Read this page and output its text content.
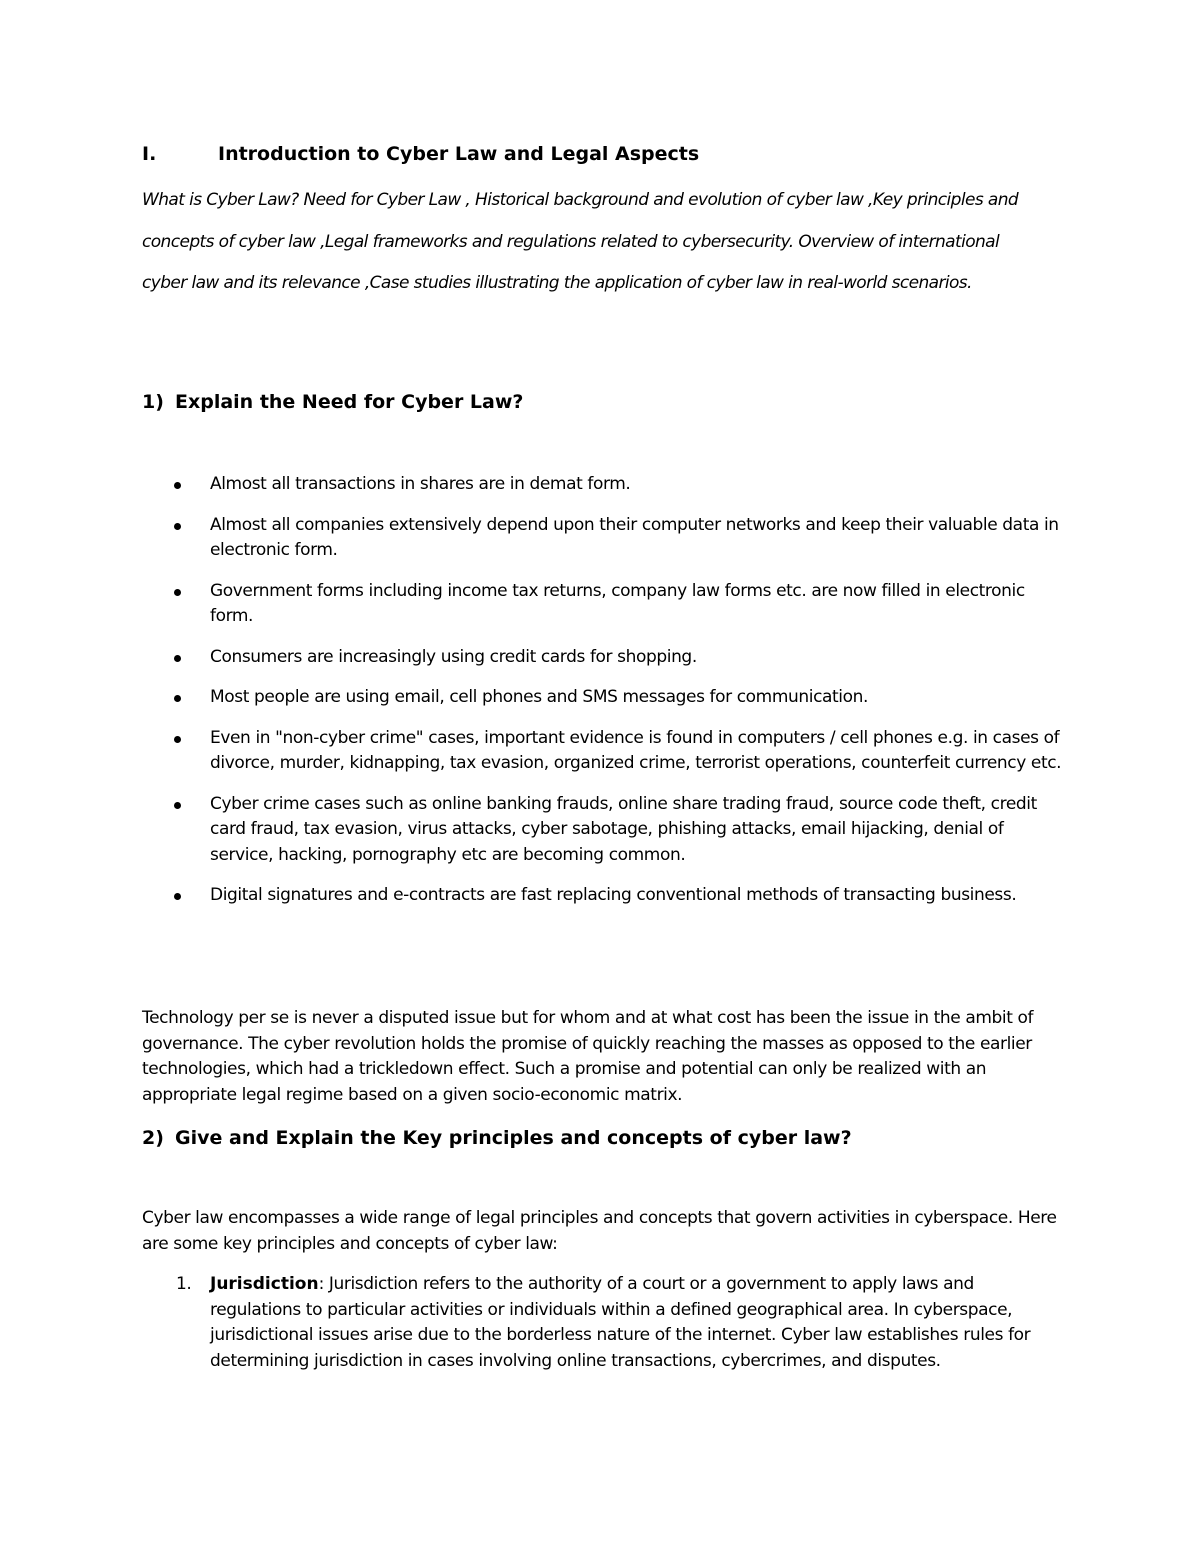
I.	Introduction to Cyber Law and Legal Aspects

What is Cyber Law? Need for Cyber Law , Historical background and evolution of cyber law ,Key principles and concepts of cyber law ,Legal frameworks and regulations related to cybersecurity. Overview of international cyber law and its relevance ,Case studies illustrating the application of cyber law in real-world scenarios.

1) Explain the Need for Cyber Law?
Almost all transactions in shares are in demat form.
Almost all companies extensively depend upon their computer networks and keep their valuable data in electronic form.
Government forms including income tax returns, company law forms etc. are now filled in electronic form.
Consumers are increasingly using credit cards for shopping.
Most people are using email, cell phones and SMS messages for communication.
Even in "non-cyber crime" cases, important evidence is found in computers / cell phones e.g. in cases of divorce, murder, kidnapping, tax evasion, organized crime, terrorist operations, counterfeit currency etc.
Cyber crime cases such as online banking frauds, online share trading fraud, source code theft, credit card fraud, tax evasion, virus attacks, cyber sabotage, phishing attacks, email hijacking, denial of service, hacking, pornography etc are becoming common.
Digital signatures and e-contracts are fast replacing conventional methods of transacting business.

Technology per se is never a disputed issue but for whom and at what cost has been the issue in the ambit of governance. The cyber revolution holds the promise of quickly reaching the masses as opposed to the earlier technologies, which had a trickledown effect. Such a promise and potential can only be realized with an appropriate legal regime based on a given socio-economic matrix.

2) Give and Explain the Key principles and concepts of cyber law?

Cyber law encompasses a wide range of legal principles and concepts that govern activities in cyberspace. Here are some key principles and concepts of cyber law:

1. Jurisdiction: Jurisdiction refers to the authority of a court or a government to apply laws and regulations to particular activities or individuals within a defined geographical area. In cyberspace, jurisdictional issues arise due to the borderless nature of the internet. Cyber law establishes rules for determining jurisdiction in cases involving online transactions, cybercrimes, and disputes.
